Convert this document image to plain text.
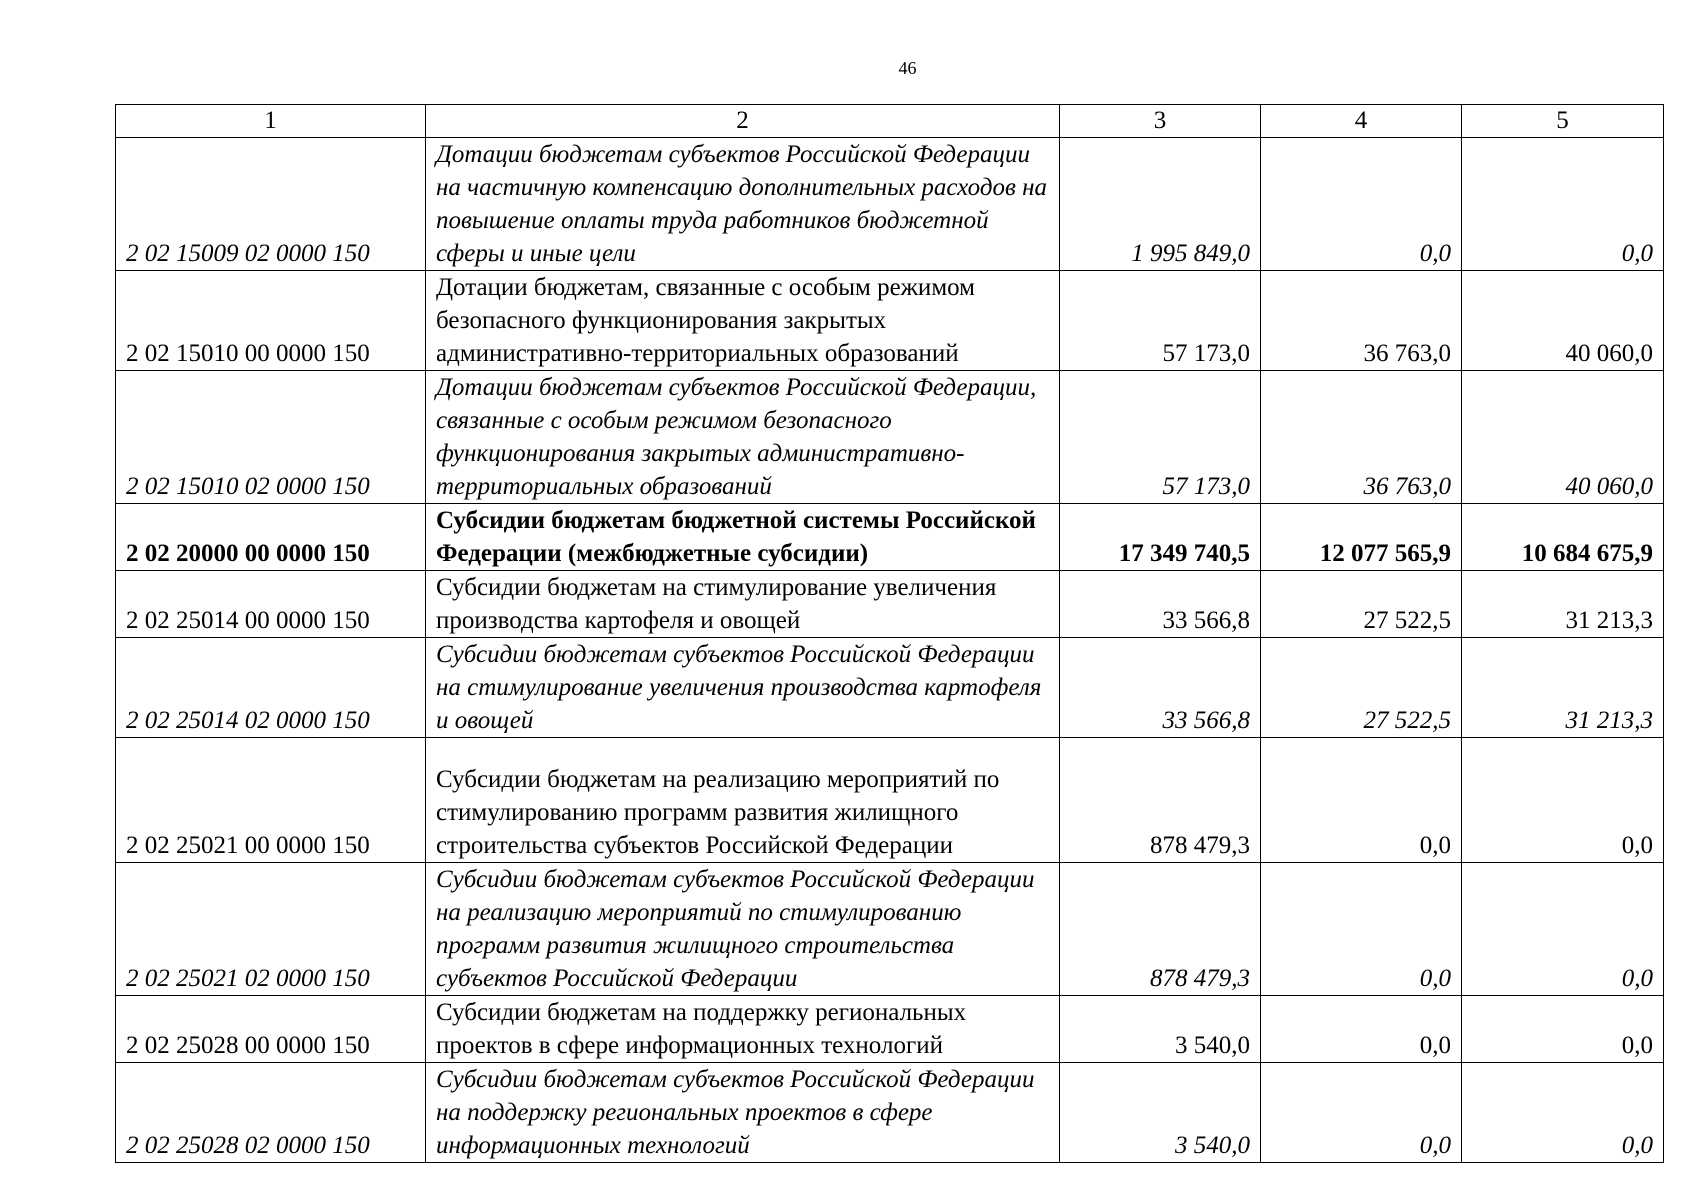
46
1	2	3	4	5
2 02 15009 02 0000 150	Дотации бюджетам субъектов Российской Федерации на частичную компенсацию дополнительных расходов на повышение оплаты труда работников бюджетной сферы и иные цели	1 995 849,0	0,0	0,0
2 02 15010 00 0000 150	Дотации бюджетам, связанные с особым режимом безопасного функционирования закрытых административно-территориальных образований	57 173,0	36 763,0	40 060,0
2 02 15010 02 0000 150	Дотации бюджетам субъектов Российской Федерации, связанные с особым режимом безопасного функционирования закрытых административно-территориальных образований	57 173,0	36 763,0	40 060,0
2 02 20000 00 0000 150	Субсидии бюджетам бюджетной системы Российской Федерации (межбюджетные субсидии)	17 349 740,5	12 077 565,9	10 684 675,9
2 02 25014 00 0000 150	Субсидии бюджетам на стимулирование увеличения производства картофеля и овощей	33 566,8	27 522,5	31 213,3
2 02 25014 02 0000 150	Субсидии бюджетам субъектов Российской Федерации на стимулирование увеличения производства картофеля и овощей	33 566,8	27 522,5	31 213,3
2 02 25021 00 0000 150	Субсидии бюджетам на реализацию мероприятий по стимулированию программ развития жилищного строительства субъектов Российской Федерации	878 479,3	0,0	0,0
2 02 25021 02 0000 150	Субсидии бюджетам субъектов Российской Федерации на реализацию мероприятий по стимулированию программ развития жилищного строительства субъектов Российской Федерации	878 479,3	0,0	0,0
2 02 25028 00 0000 150	Субсидии бюджетам на поддержку региональных проектов в сфере информационных технологий	3 540,0	0,0	0,0
2 02 25028 02 0000 150	Субсидии бюджетам субъектов Российской Федерации на поддержку региональных проектов в сфере информационных технологий	3 540,0	0,0	0,0
